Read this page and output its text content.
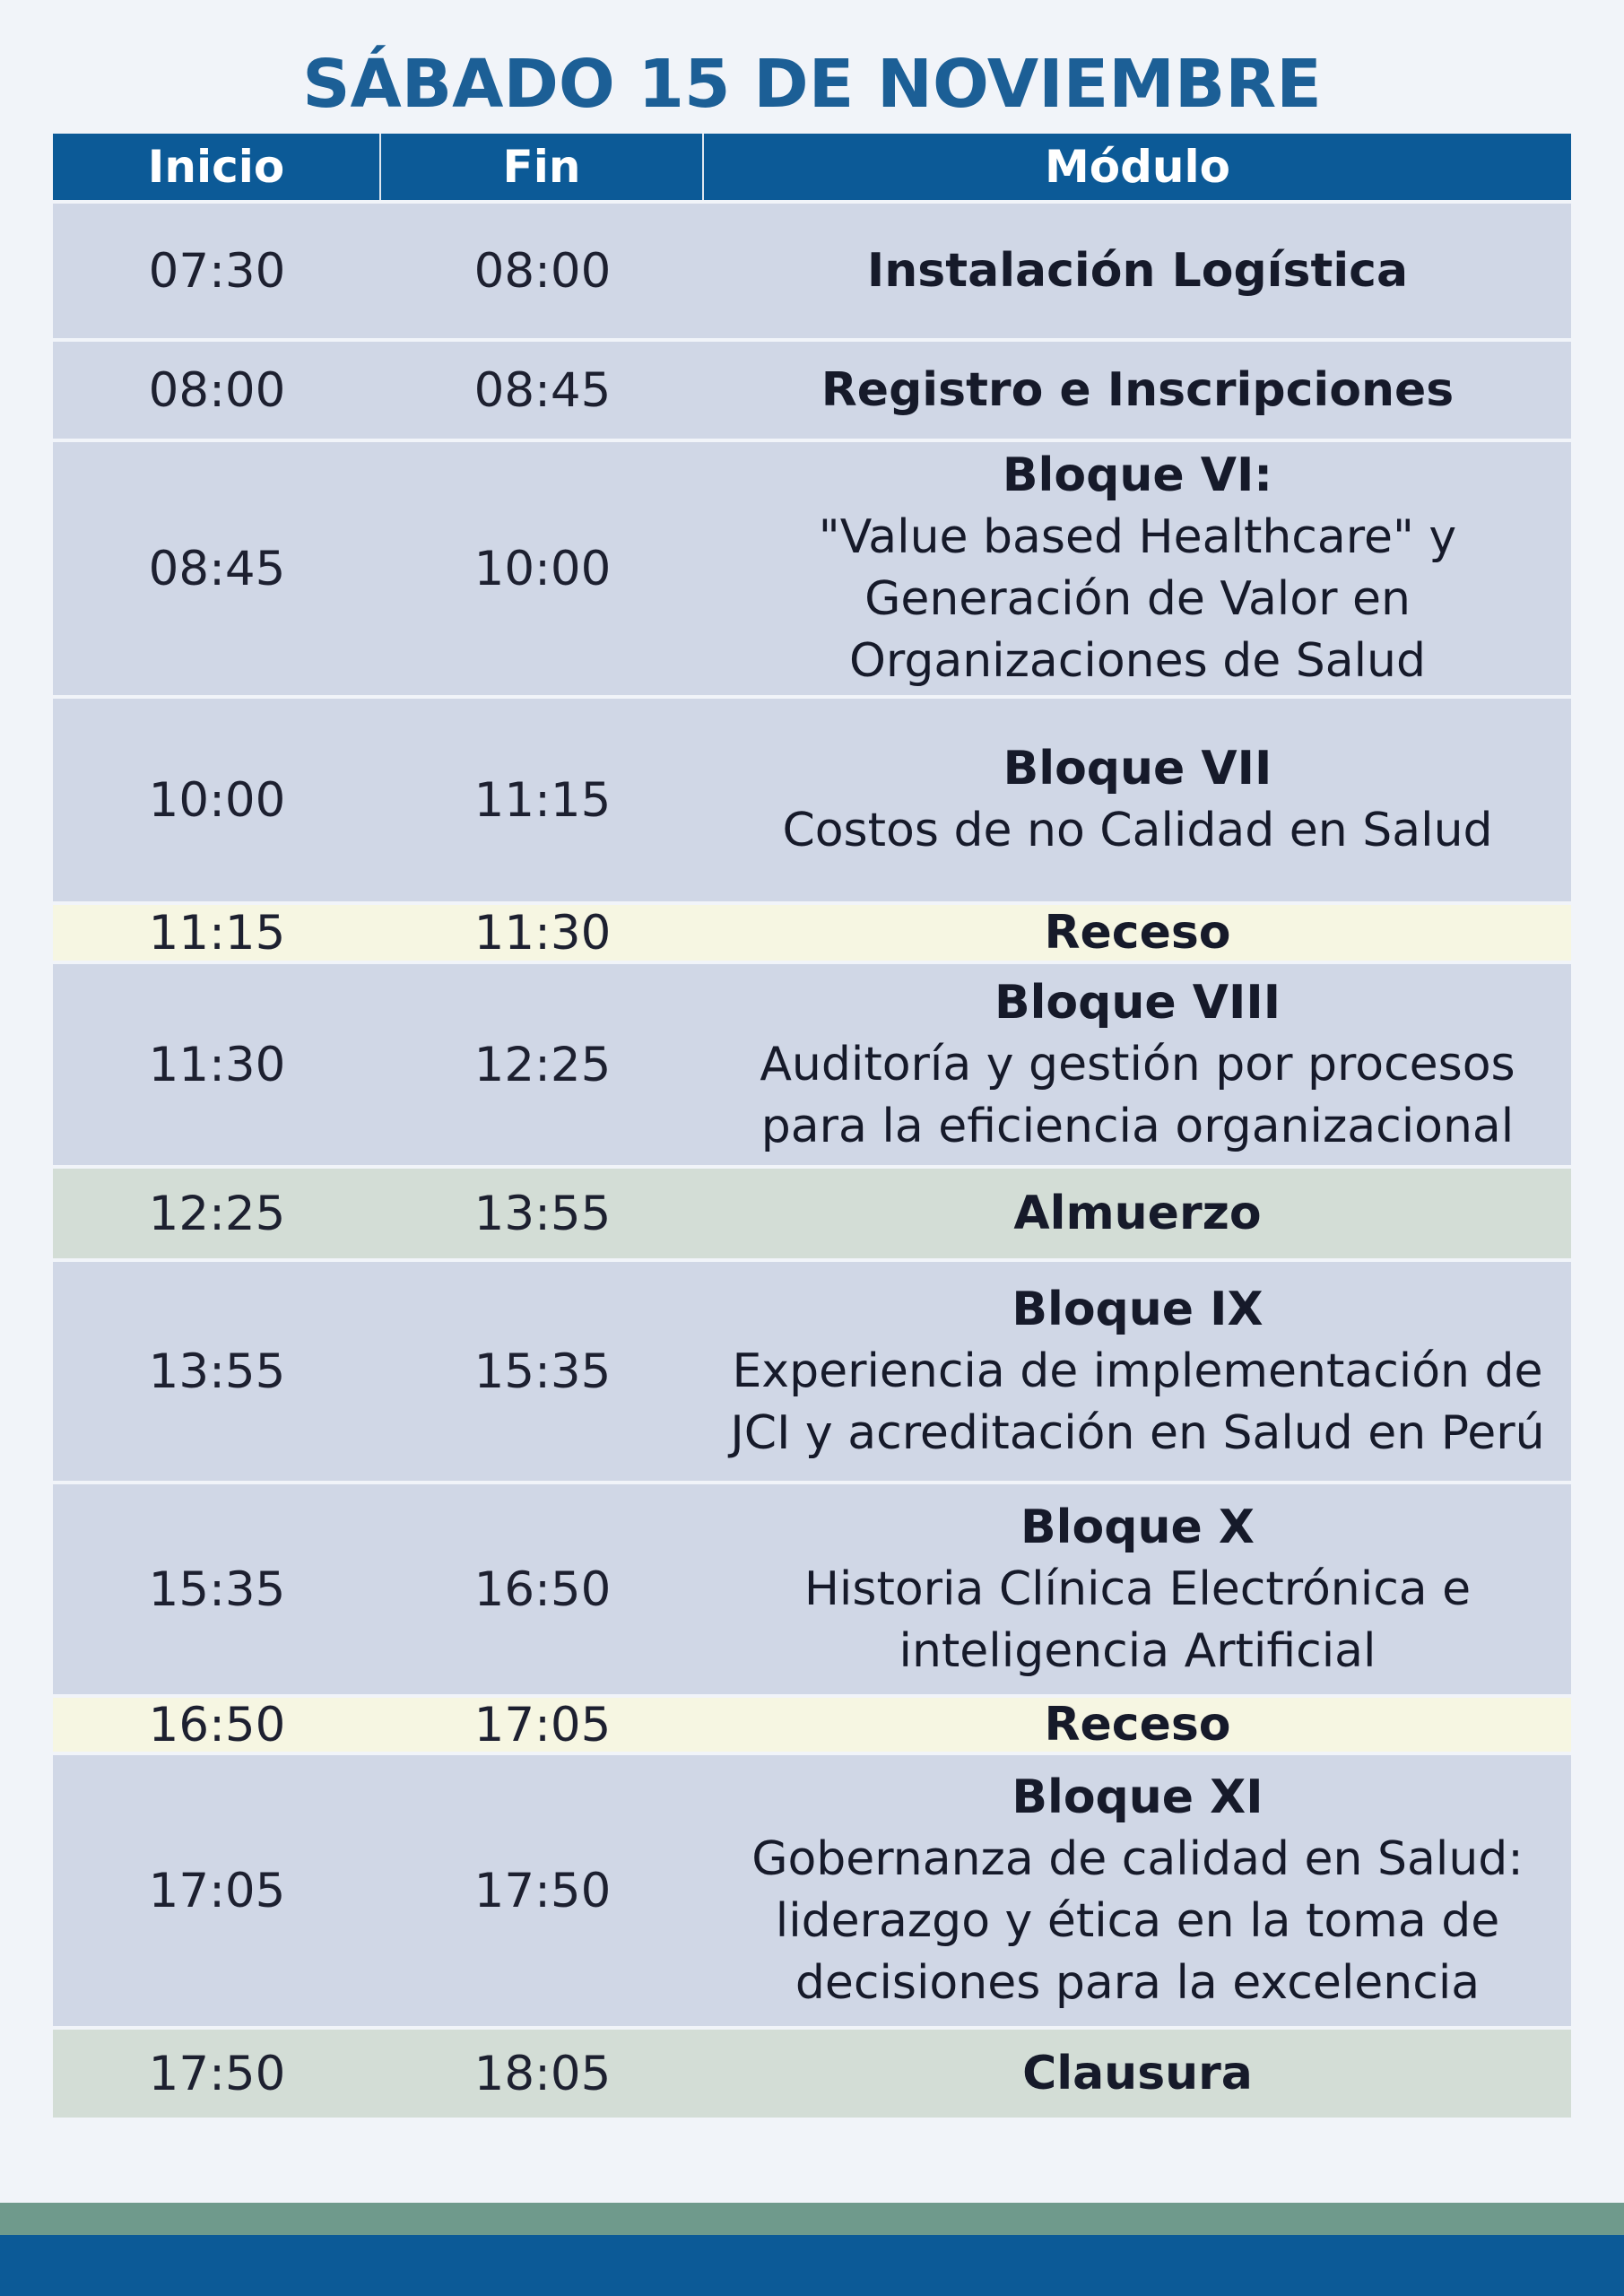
SÁBADO 15 DE NOVIEMBRE
Inicio	Fin	Módulo
07:30	08:00	Instalación Logística
08:00	08:45	Registro e Inscripciones
08:45	10:00
Bloque VI:
"Value based Healthcare" y
Generación de Valor en
Organizaciones de Salud
10:00	11:15
Bloque VII
Costos de no Calidad en Salud
11:15	11:30	Receso
11:30	12:25
Bloque VIII
Auditoría y gestión por procesos
para la eficiencia organizacional
12:25	13:55	Almuerzo
13:55	15:35
Bloque IX
Experiencia de implementación de
JCI y acreditación en Salud en Perú
15:35	16:50
Bloque X
Historia Clínica Electrónica e
inteligencia Artificial
16:50	17:05	Receso
17:05	17:50
Bloque XI
Gobernanza de calidad en Salud:
liderazgo y ética en la toma de
decisiones para la excelencia
17:50	18:05	Clausura
